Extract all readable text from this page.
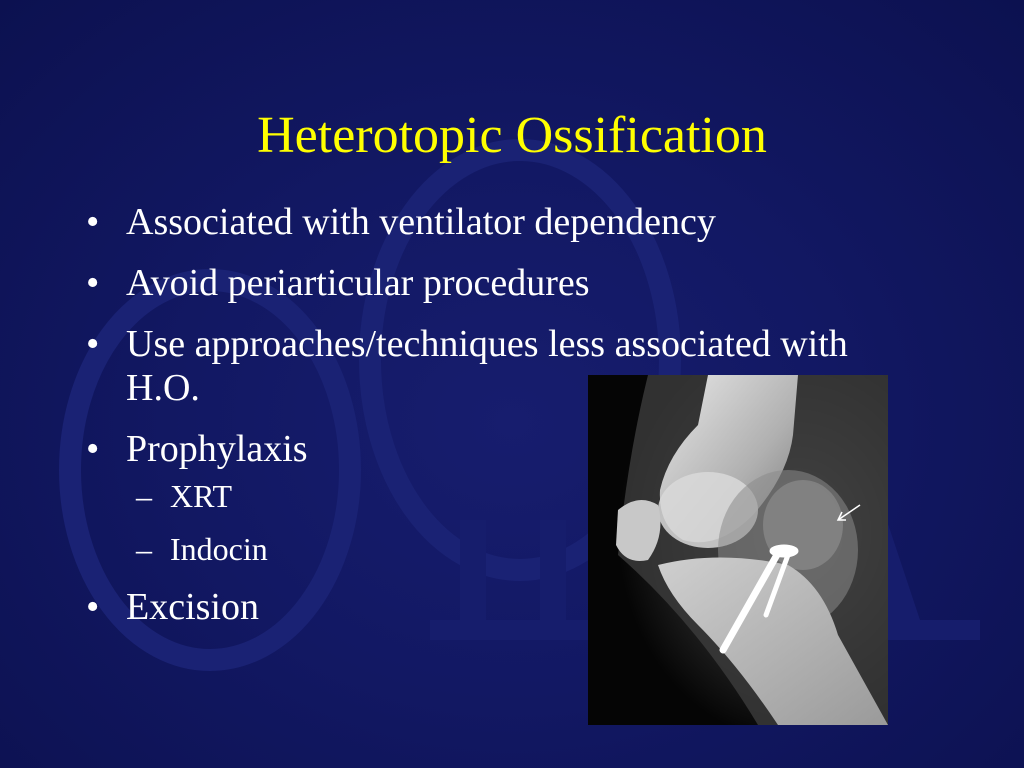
Heterotopic Ossification
• Associated with ventilator dependency
• Avoid periarticular procedures
• Use approaches/techniques less associated with H.O.
• Prophylaxis
– XRT
– Indocin
• Excision
